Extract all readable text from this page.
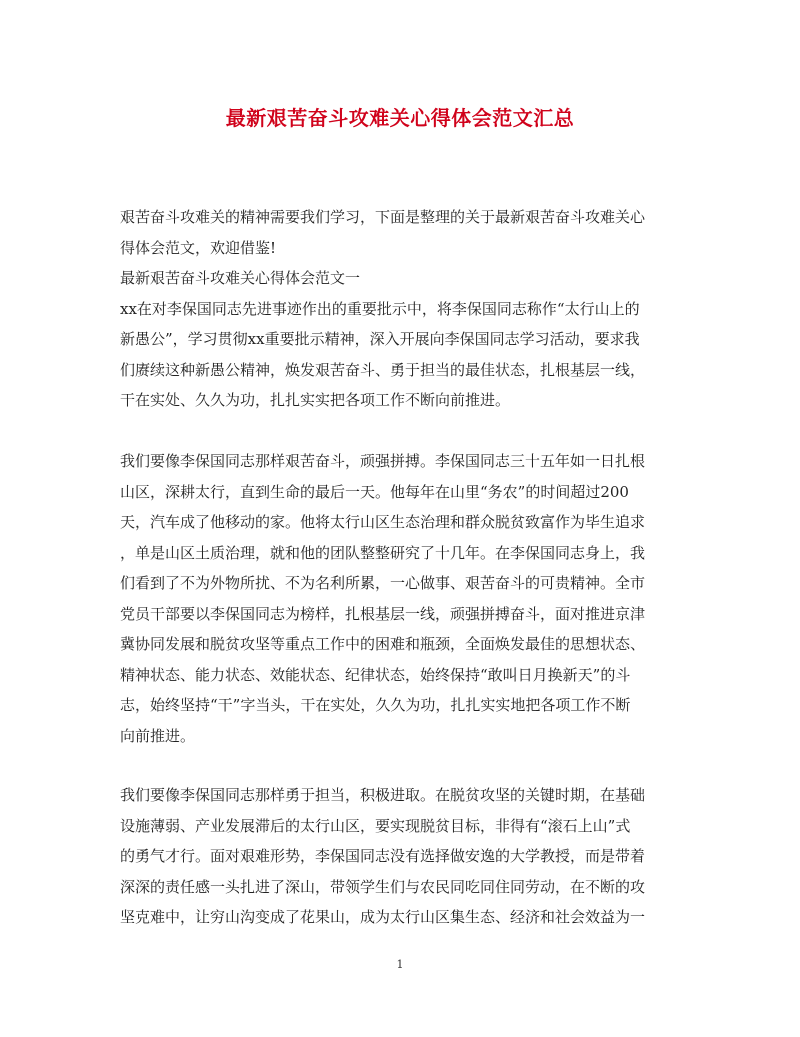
最新艰苦奋斗攻难关心得体会范文汇总
艰苦奋斗攻难关的精神需要我们学习，下面是整理的关于最新艰苦奋斗攻难关心
得体会范文，欢迎借鉴!
最新艰苦奋斗攻难关心得体会范文一
xx在对李保国同志先进事迹作出的重要批示中，将李保国同志称作“太行山上的
新愚公”，学习贯彻xx重要批示精神，深入开展向李保国同志学习活动，要求我
们赓续这种新愚公精神，焕发艰苦奋斗、勇于担当的最佳状态，扎根基层一线，
干在实处、久久为功，扎扎实实把各项工作不断向前推进。
我们要像李保国同志那样艰苦奋斗，顽强拼搏。李保国同志三十五年如一日扎根
山区，深耕太行，直到生命的最后一天。他每年在山里“务农”的时间超过200
天，汽车成了他移动的家。他将太行山区生态治理和群众脱贫致富作为毕生追求
，单是山区土质治理，就和他的团队整整研究了十几年。在李保国同志身上，我
们看到了不为外物所扰、不为名利所累，一心做事、艰苦奋斗的可贵精神。全市
党员干部要以李保国同志为榜样，扎根基层一线，顽强拼搏奋斗，面对推进京津
冀协同发展和脱贫攻坚等重点工作中的困难和瓶颈，全面焕发最佳的思想状态、
精神状态、能力状态、效能状态、纪律状态，始终保持“敢叫日月换新天”的斗
志，始终坚持“干”字当头，干在实处，久久为功，扎扎实实地把各项工作不断
向前推进。
我们要像李保国同志那样勇于担当，积极进取。在脱贫攻坚的关键时期，在基础
设施薄弱、产业发展滞后的太行山区，要实现脱贫目标，非得有“滚石上山”式
的勇气才行。面对艰难形势，李保国同志没有选择做安逸的大学教授，而是带着
深深的责任感一头扎进了深山，带领学生们与农民同吃同住同劳动，在不断的攻
坚克难中，让穷山沟变成了花果山，成为太行山区集生态、经济和社会效益为一
1
